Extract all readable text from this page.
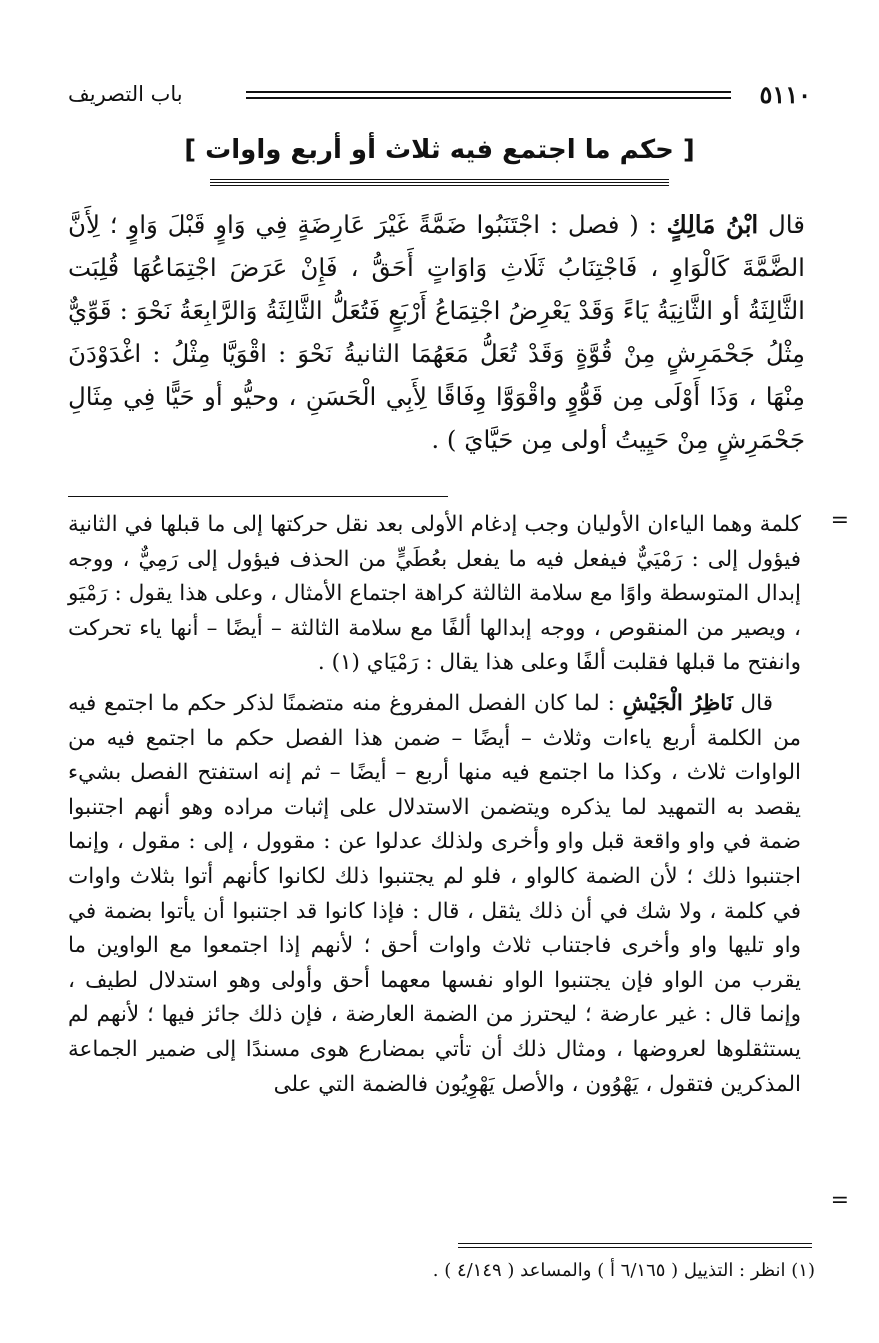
٥١١٠
باب التصريف
[ حكم ما اجتمع فيه ثلاث أو أربع واوات ]
قال ابْنُ مَالِكٍ : ( فصل : اجْتَنَبُوا ضَمَّةً غَيْرَ عَارِضَةٍ فِي وَاوٍ قَبْلَ وَاوٍ ؛ لِأَنَّ الضَّمَّةَ كَالْوَاوِ ، فَاجْتِنَابُ ثَلَاثِ وَاوَاتٍ أَحَقُّ ، فَإِنْ عَرَضَ اجْتِمَاعُهَا قُلِبَت الثَّالِثَةُ أو الثَّانِيَةُ يَاءً وَقَدْ يَعْرِضُ اجْتِمَاعُ أَرْبَعٍ فَتُعَلُّ الثَّالِثَةُ وَالرَّابِعَةُ نَحْوَ : قَوِّيٌّ مِثْلُ جَحْمَرِشٍ مِنْ قُوَّةٍ وَقَدْ تُعَلُّ مَعَهُمَا الثانيةُ نَحْوَ : اقْوَيَّا مِثْلُ : اغْدَوْدَنَ مِنْهَا ، وَذَا أَوْلَى مِن قَوُّوٍ واقْوَوَّا وِفَاقًا لِأَبِي الْحَسَنِ ، وحيُّو أو حَيًّا فِي مِثَالِ جَحْمَرِشٍ مِنْ حَيِيتُ أولى مِن حَيَّايَ ) .
=

كلمة وهما الياءان الأوليان وجب إدغام الأولى بعد نقل حركتها إلى ما قبلها في الثانية فيؤول إلى : رَمْيَيٌّ فيفعل فيه ما يفعل بعُطَيٍّ من الحذف فيؤول إلى رَمِيٌّ ، ووجه إبدال المتوسطة واوًا مع سلامة الثالثة كراهة اجتماع الأمثال ، وعلى هذا يقول : رَمْيَو ، ويصير من المنقوص ، ووجه إبدالها ألفًا مع سلامة الثالثة – أيضًا – أنها ياء تحركت وانفتح ما قبلها فقلبت ألفًا وعلى هذا يقال : رَمْيَاي (١) .

قال نَاظِرُ الْجَيْشِ : لما كان الفصل المفروغ منه متضمنًا لذكر حكم ما اجتمع فيه من الكلمة أربع ياءات وثلاث – أيضًا – ضمن هذا الفصل حكم ما اجتمع فيه من الواوات ثلاث ، وكذا ما اجتمع فيه منها أربع – أيضًا – ثم إنه استفتح الفصل بشيء يقصد به التمهيد لما يذكره ويتضمن الاستدلال على إثبات مراده وهو أنهم اجتنبوا ضمة في واو واقعة قبل واو وأخرى ولذلك عدلوا عن : مقوول ، إلى : مقول ، وإنما اجتنبوا ذلك ؛ لأن الضمة كالواو ، فلو لم يجتنبوا ذلك لكانوا كأنهم أتوا بثلاث واوات في كلمة ، ولا شك في أن ذلك يثقل ، قال : فإذا كانوا قد اجتنبوا أن يأتوا بضمة في واو تليها واو وأخرى فاجتناب ثلاث واوات أحق ؛ لأنهم إذا اجتمعوا مع الواوين ما يقرب من الواو فإن يجتنبوا الواو نفسها معهما أحق وأولى وهو استدلال لطيف ، وإنما قال : غير عارضة ؛ ليحترز من الضمة العارضة ، فإن ذلك جائز فيها ؛ لأنهم لم يستثقلوها لعروضها ، ومثال ذلك أن تأتي بمضارع هوى مسندًا إلى ضمير الجماعة المذكرين فتقول ، يَهْوُون ، والأصل يَهْوِيُون فالضمة التي على

=
(١) انظر : التذييل ( ٦/١٦٥ أ ) والمساعد ( ٤/١٤٩ ) .
